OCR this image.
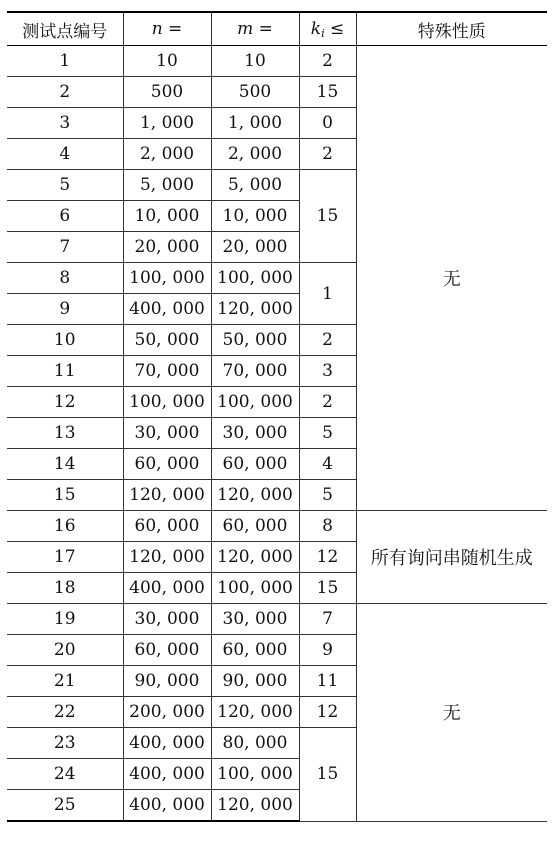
测试点编号	n =	m =	$k_i$ ≤	特殊性质
1	10	10	2	无
2	500	500	15	
3	1, 000	1, 000	0	
4	2, 000	2, 000	2	
5	5, 000	5, 000	15	
6	10, 000	10, 000		
7	20, 000	20, 000		
8	100, 000	100, 000	1	
9	400, 000	120, 000		
10	50, 000	50, 000	2	
11	70, 000	70, 000	3	
12	100, 000	100, 000	2	
13	30, 000	30, 000	5	
14	60, 000	60, 000	4	
15	120, 000	120, 000	5	
16	60, 000	60, 000	8	所有询问串随机生成
17	120, 000	120, 000	12	
18	400, 000	100, 000	15	
19	30, 000	30, 000	7	无
20	60, 000	60, 000	9	
21	90, 000	90, 000	11	
22	200, 000	120, 000	12	
23	400, 000	80, 000	15	
24	400, 000	100, 000		
25	400, 000	120, 000		
